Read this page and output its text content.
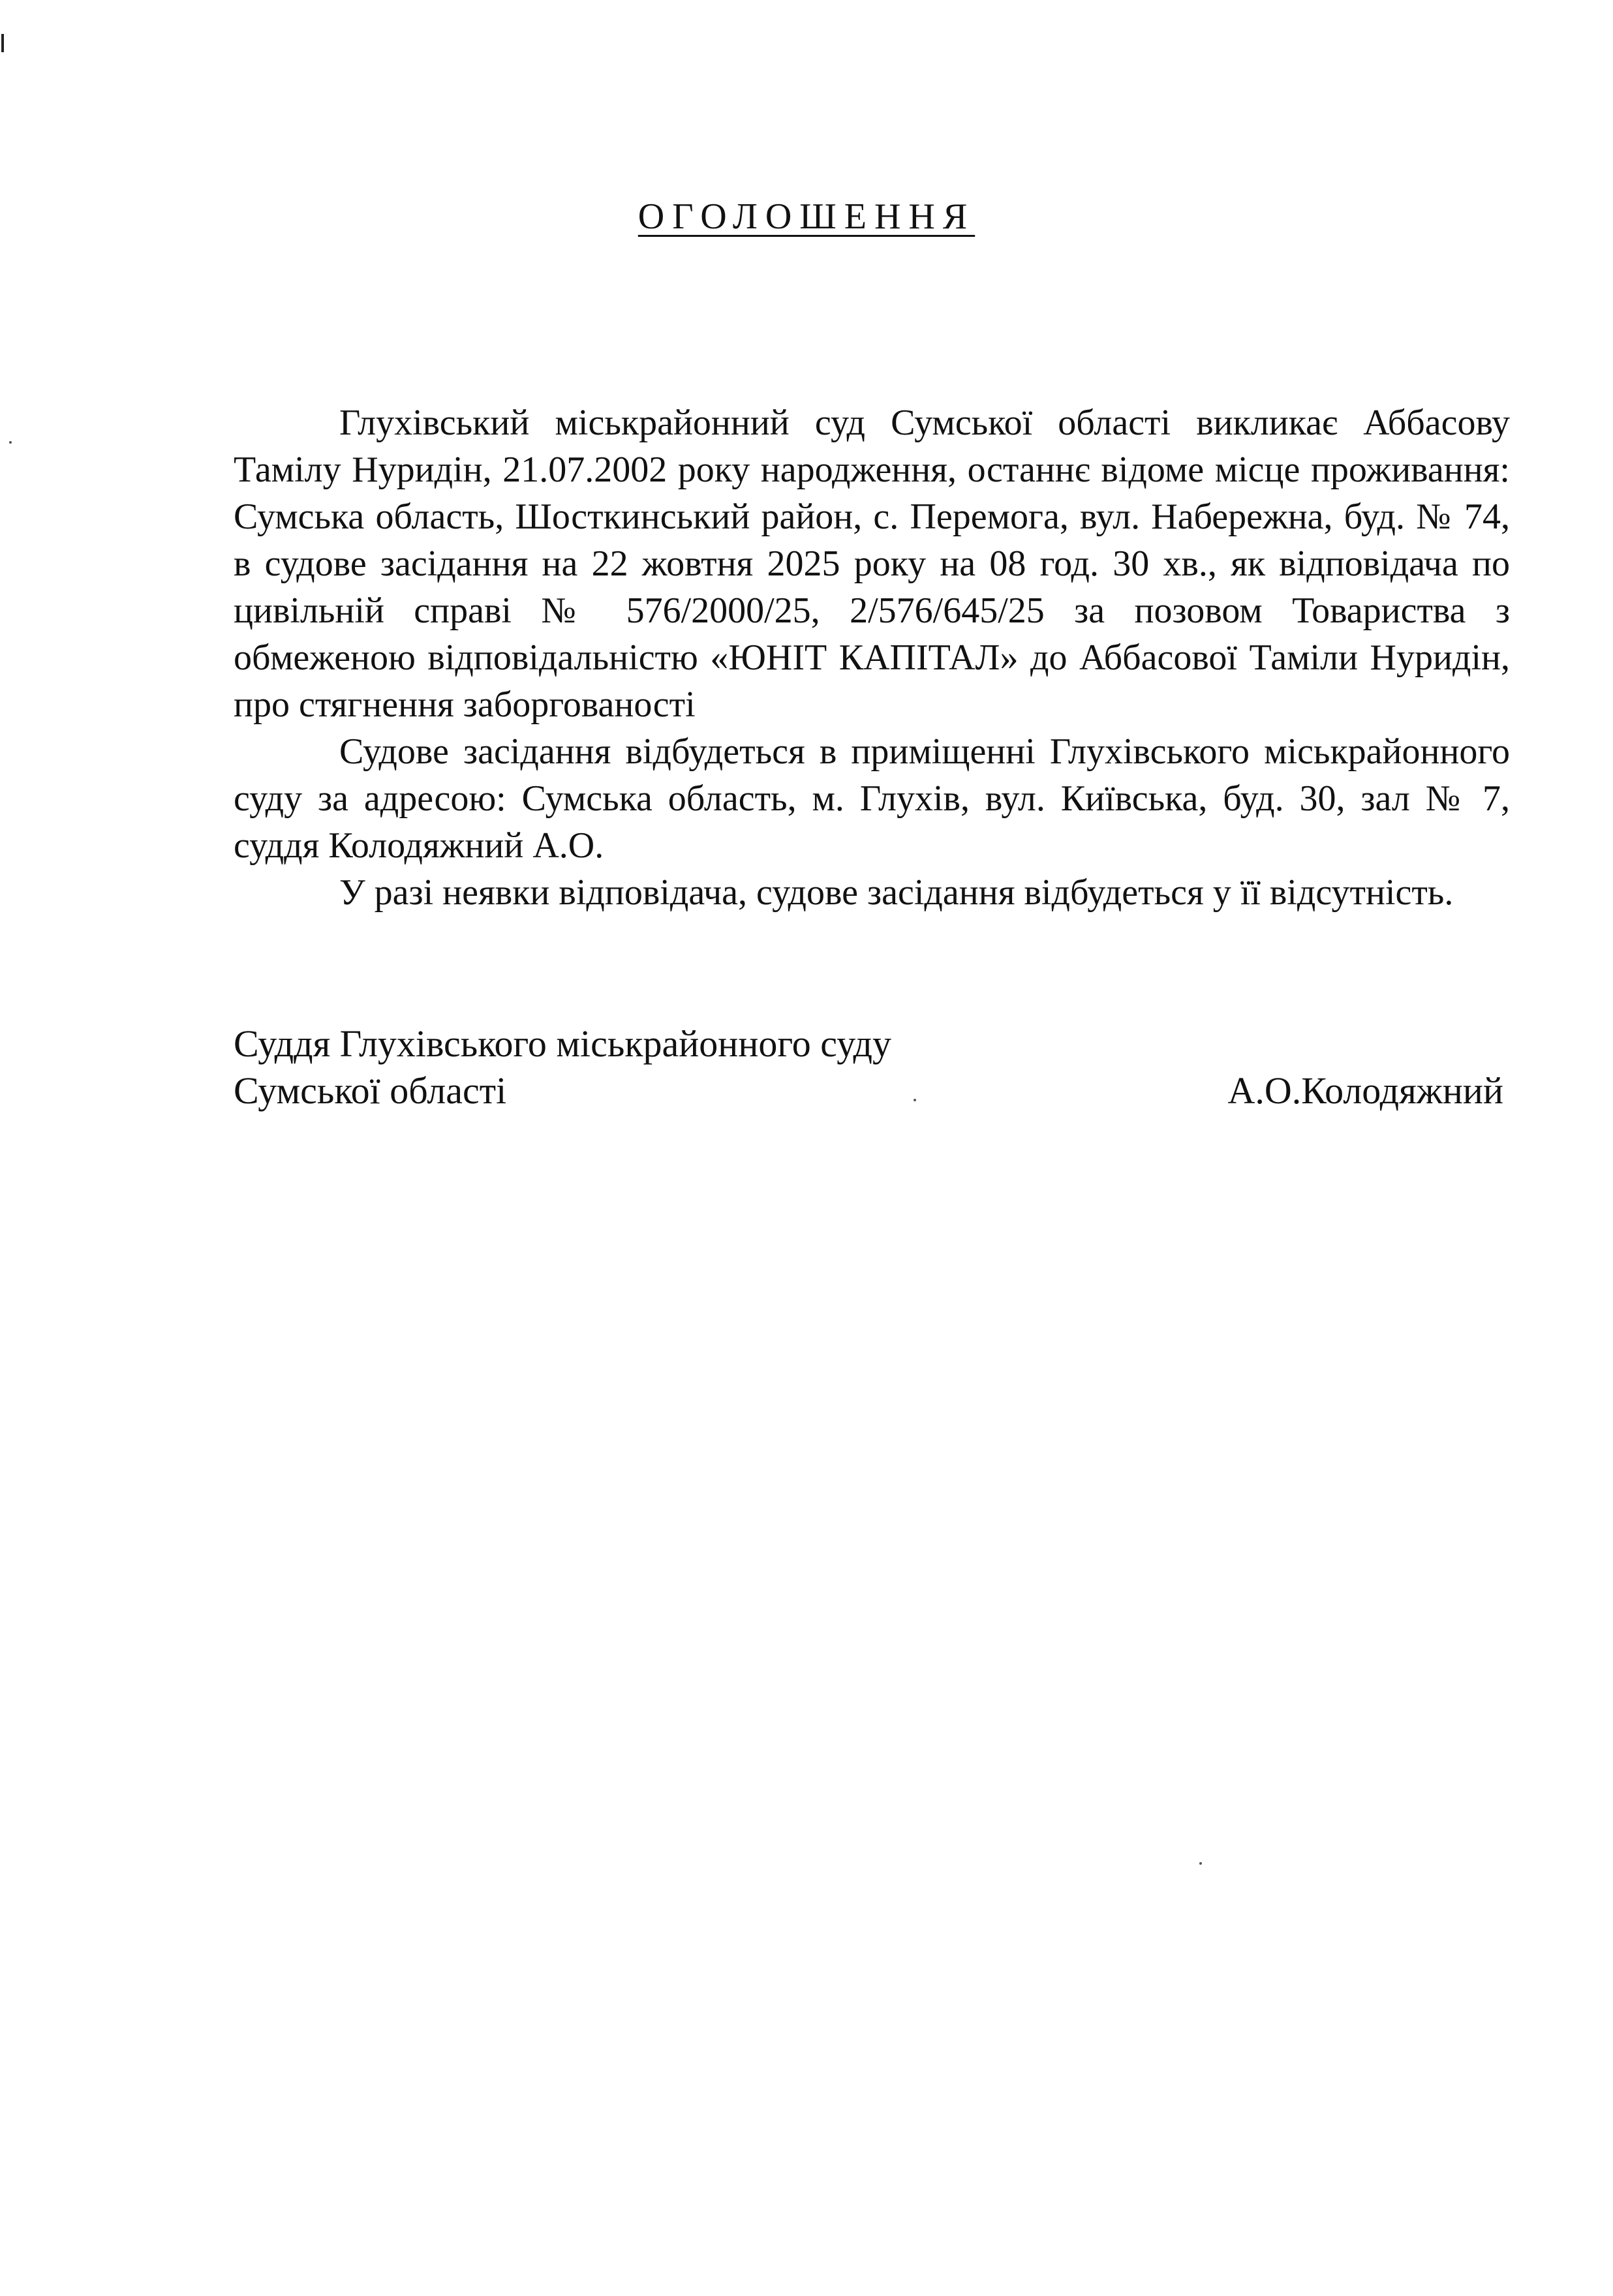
ОГОЛОШЕННЯ

Глухівський міськрайонний суд Сумської області викликає Аббасову Тамілу Нуридін, 21.07.2002 року народження, останнє відоме місце проживання: Сумська область, Шосткинський район, с. Перемога, вул. Набережна, буд. № 74, в судове засідання на 22 жовтня 2025 року на 08 год. 30 хв., як відповідача по цивільній справі № 576/2000/25, 2/576/645/25 за позовом Товариства з обмеженою відповідальністю «ЮНІТ КАПІТАЛ» до Аббасової Таміли Нуридін, про стягнення заборгованості

Судове засідання відбудеться в приміщенні Глухівського міськрайонного суду за адресою: Сумська область, м. Глухів, вул. Київська, буд. 30, зал № 7, суддя Колодяжний А.О.

У разі неявки відповідача, судове засідання відбудеться у її відсутність.

Суддя Глухівського міськрайонного суду
Сумської області	А.О.Колодяжний
